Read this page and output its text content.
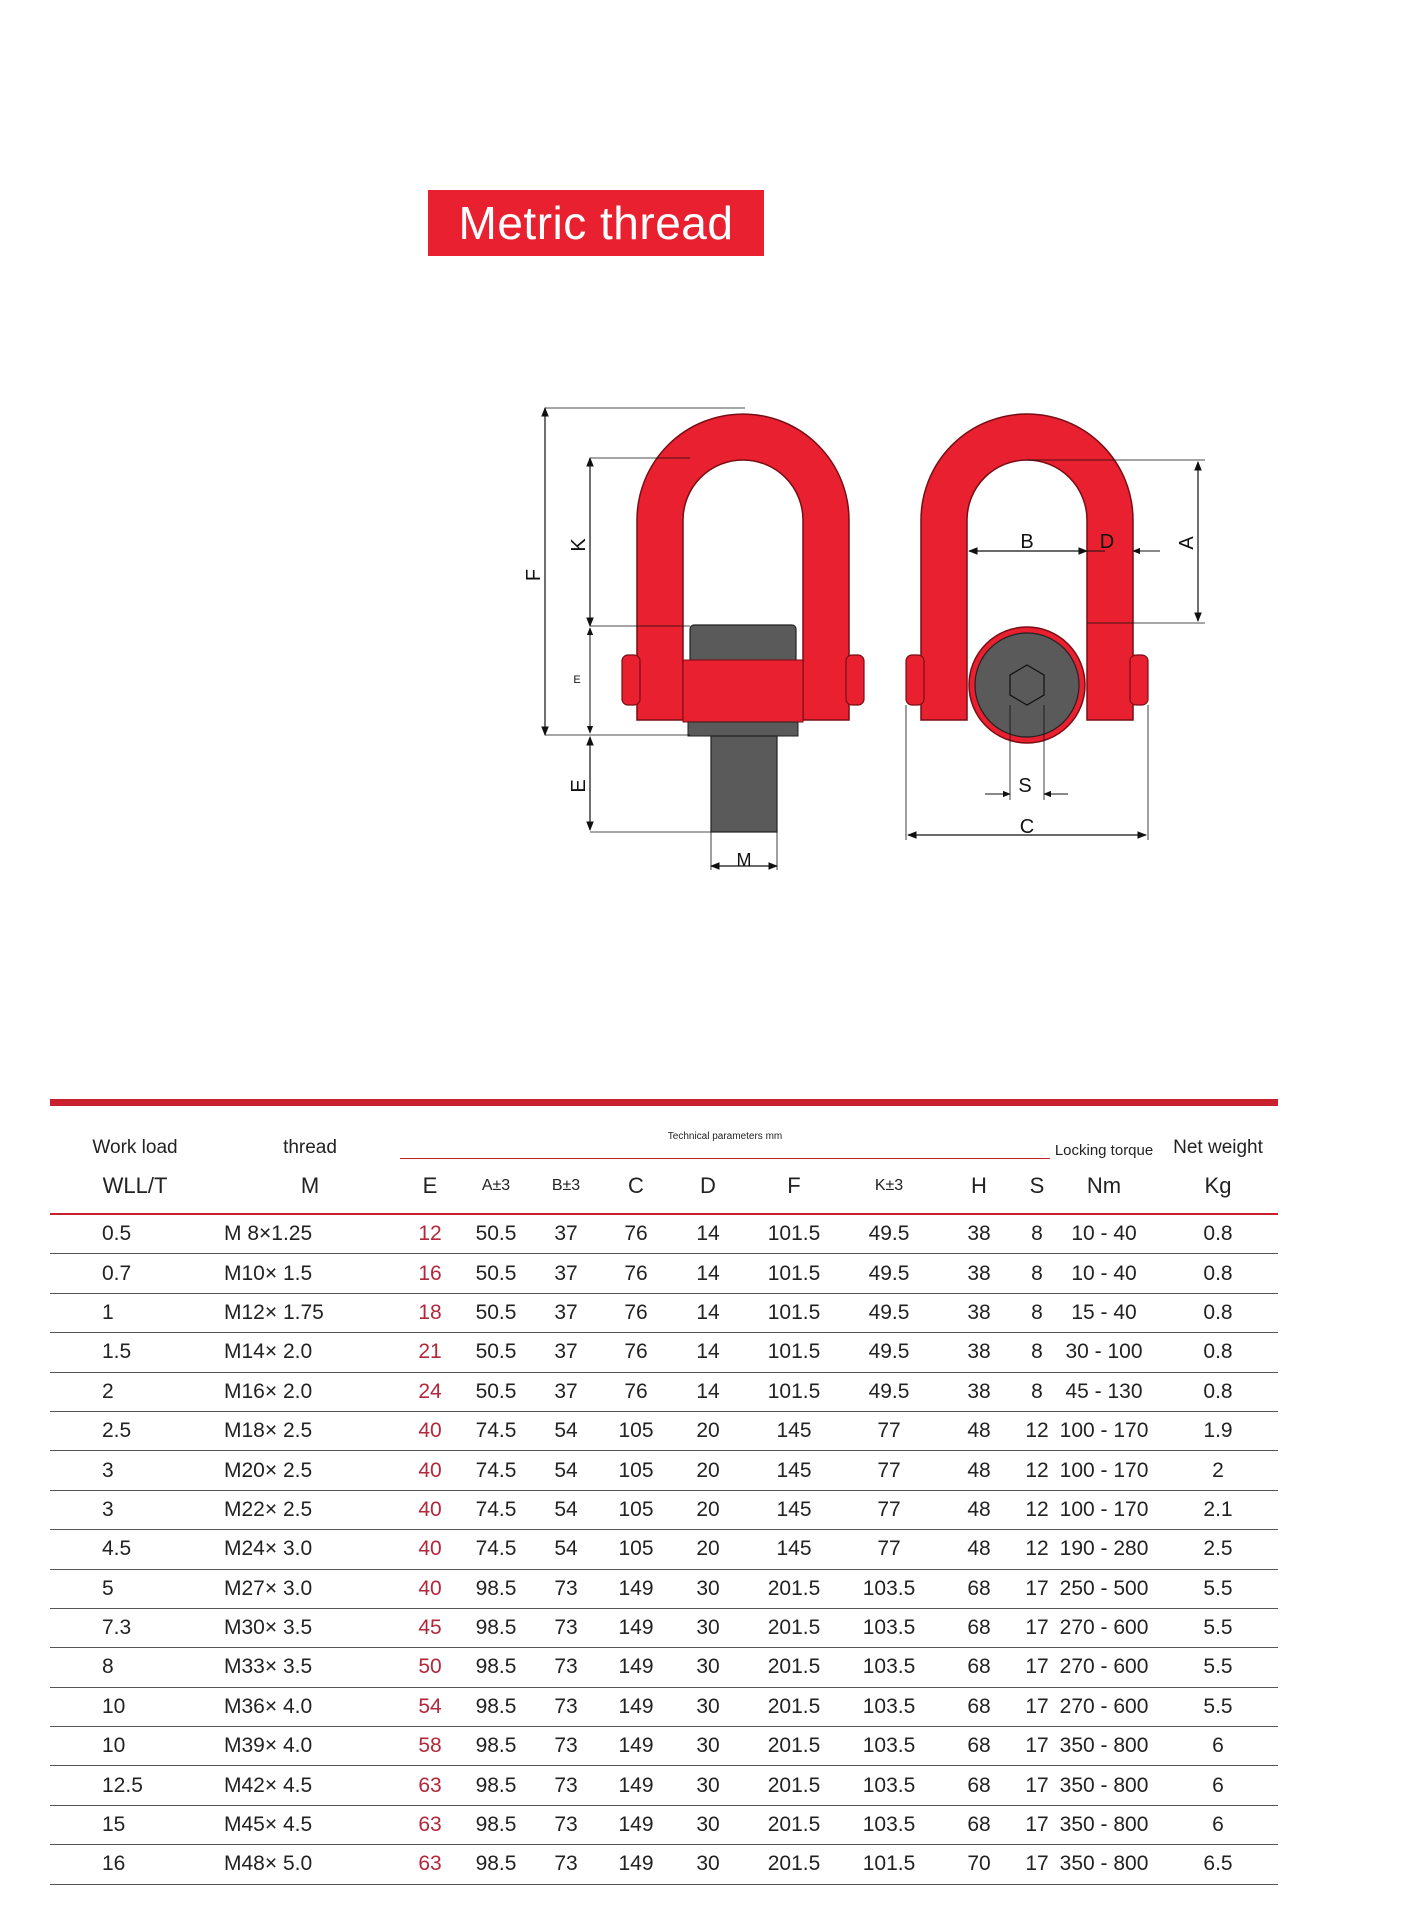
Metric thread
F
K
E
E
M
B	D	A
S
C
Work load	thread	Technical parameters mm									Locking torque	Net weight
WLL/T	M	E	A±3	B±3	C	D	F	K±3	H	S	Nm	Kg
0.5	M 8×1.25	12	50.5	37	76	14	101.5	49.5	38	8	10 - 40	0.8
0.7	M10× 1.5	16	50.5	37	76	14	101.5	49.5	38	8	10 - 40	0.8
1	M12× 1.75	18	50.5	37	76	14	101.5	49.5	38	8	15 - 40	0.8
1.5	M14× 2.0	21	50.5	37	76	14	101.5	49.5	38	8	30 - 100	0.8
2	M16× 2.0	24	50.5	37	76	14	101.5	49.5	38	8	45 - 130	0.8
2.5	M18× 2.5	40	74.5	54	105	20	145	77	48	12	100 - 170	1.9
3	M20× 2.5	40	74.5	54	105	20	145	77	48	12	100 - 170	2
3	M22× 2.5	40	74.5	54	105	20	145	77	48	12	100 - 170	2.1
4.5	M24× 3.0	40	74.5	54	105	20	145	77	48	12	190 - 280	2.5
5	M27× 3.0	40	98.5	73	149	30	201.5	103.5	68	17	250 - 500	5.5
7.3	M30× 3.5	45	98.5	73	149	30	201.5	103.5	68	17	270 - 600	5.5
8	M33× 3.5	50	98.5	73	149	30	201.5	103.5	68	17	270 - 600	5.5
10	M36× 4.0	54	98.5	73	149	30	201.5	103.5	68	17	270 - 600	5.5
10	M39× 4.0	58	98.5	73	149	30	201.5	103.5	68	17	350 - 800	6
12.5	M42× 4.5	63	98.5	73	149	30	201.5	103.5	68	17	350 - 800	6
15	M45× 4.5	63	98.5	73	149	30	201.5	103.5	68	17	350 - 800	6
16	M48× 5.0	63	98.5	73	149	30	201.5	101.5	70	17	350 - 800	6.5
